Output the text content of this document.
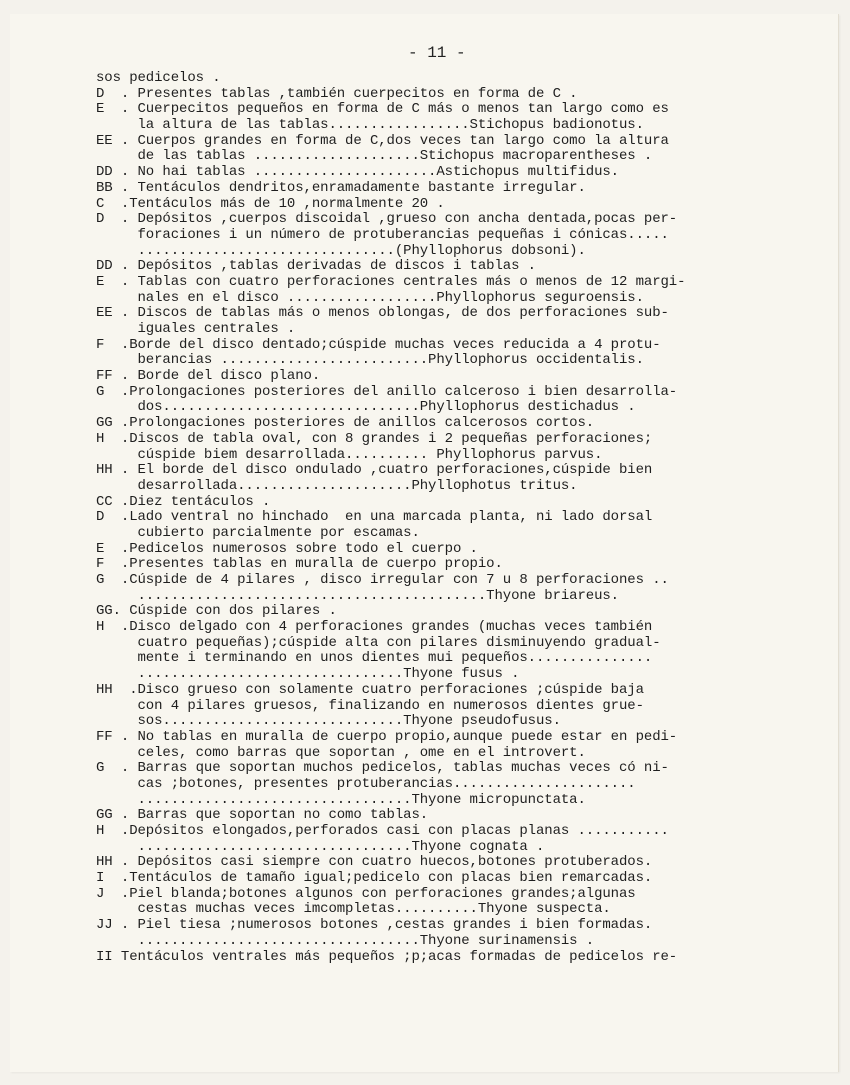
- 11 -
sos pedicelos .
D  . Presentes tablas ,también cuerpecitos en forma de C .
E  . Cuerpecitos pequeños en forma de C más o menos tan largo como es
la altura de las tablas.................Stichopus badionotus.
EE . Cuerpos grandes en forma de C,dos veces tan largo como la altura
de las tablas ....................Stichopus macroparentheses .
DD . No hai tablas ......................Astichopus multifidus.
BB . Tentáculos dendritos,enramadamente bastante irregular.
C  .Tentáculos más de 10 ,normalmente 20 .
D  . Depósitos ,cuerpos discoidal ,grueso con ancha dentada,pocas per-
foraciones i un número de protuberancias pequeñas i cónicas.....
...............................(Phyllophorus dobsoni).
DD . Depósitos ,tablas derivadas de discos i tablas .
E  . Tablas con cuatro perforaciones centrales más o menos de 12 margi-
nales en el disco ..................Phyllophorus seguroensis.
EE . Discos de tablas más o menos oblongas, de dos perforaciones sub-
iguales centrales .
F  .Borde del disco dentado;cúspide muchas veces reducida a 4 protu-
berancias .........................Phyllophorus occidentalis.
FF . Borde del disco plano.
G  .Prolongaciones posteriores del anillo calceroso i bien desarrolla-
dos...............................Phyllophorus destichadus .
GG .Prolongaciones posteriores de anillos calcerosos cortos.
H  .Discos de tabla oval, con 8 grandes i 2 pequeñas perforaciones;
cúspide biem desarrollada.......... Phyllophorus parvus.
HH . El borde del disco ondulado ,cuatro perforaciones,cúspide bien
desarrollada.....................Phyllophotus tritus.
CC .Diez tentáculos .
D  .Lado ventral no hinchado  en una marcada planta, ni lado dorsal
cubierto parcialmente por escamas.
E  .Pedicelos numerosos sobre todo el cuerpo .
F  .Presentes tablas en muralla de cuerpo propio.
G  .Cúspide de 4 pilares , disco irregular con 7 u 8 perforaciones ..
..........................................Thyone briareus.
GG. Cúspide con dos pilares .
H  .Disco delgado con 4 perforaciones grandes (muchas veces también
cuatro pequeñas);cúspide alta con pilares disminuyendo gradual-
mente i terminando en unos dientes mui pequeños...............
................................Thyone fusus .
HH  .Disco grueso con solamente cuatro perforaciones ;cúspide baja
con 4 pilares gruesos, finalizando en numerosos dientes grue-
sos.............................Thyone pseudofusus.
FF . No tablas en muralla de cuerpo propio,aunque puede estar en pedi-
celes, como barras que soportan , ome en el introvert.
G  . Barras que soportan muchos pedicelos, tablas muchas veces có ni-
cas ;botones, presentes protuberancias......................
.................................Thyone micropunctata.
GG . Barras que soportan no como tablas.
H  .Depósitos elongados,perforados casi con placas planas ...........
.................................Thyone cognata .
HH . Depósitos casi siempre con cuatro huecos,botones protuberados.
I  .Tentáculos de tamaño igual;pedicelo con placas bien remarcadas.
J  .Piel blanda;botones algunos con perforaciones grandes;algunas
cestas muchas veces imcompletas..........Thyone suspecta.
JJ . Piel tiesa ;numerosos botones ,cestas grandes i bien formadas.
..................................Thyone surinamensis .
II Tentáculos ventrales más pequeños ;p;acas formadas de pedicelos re-
